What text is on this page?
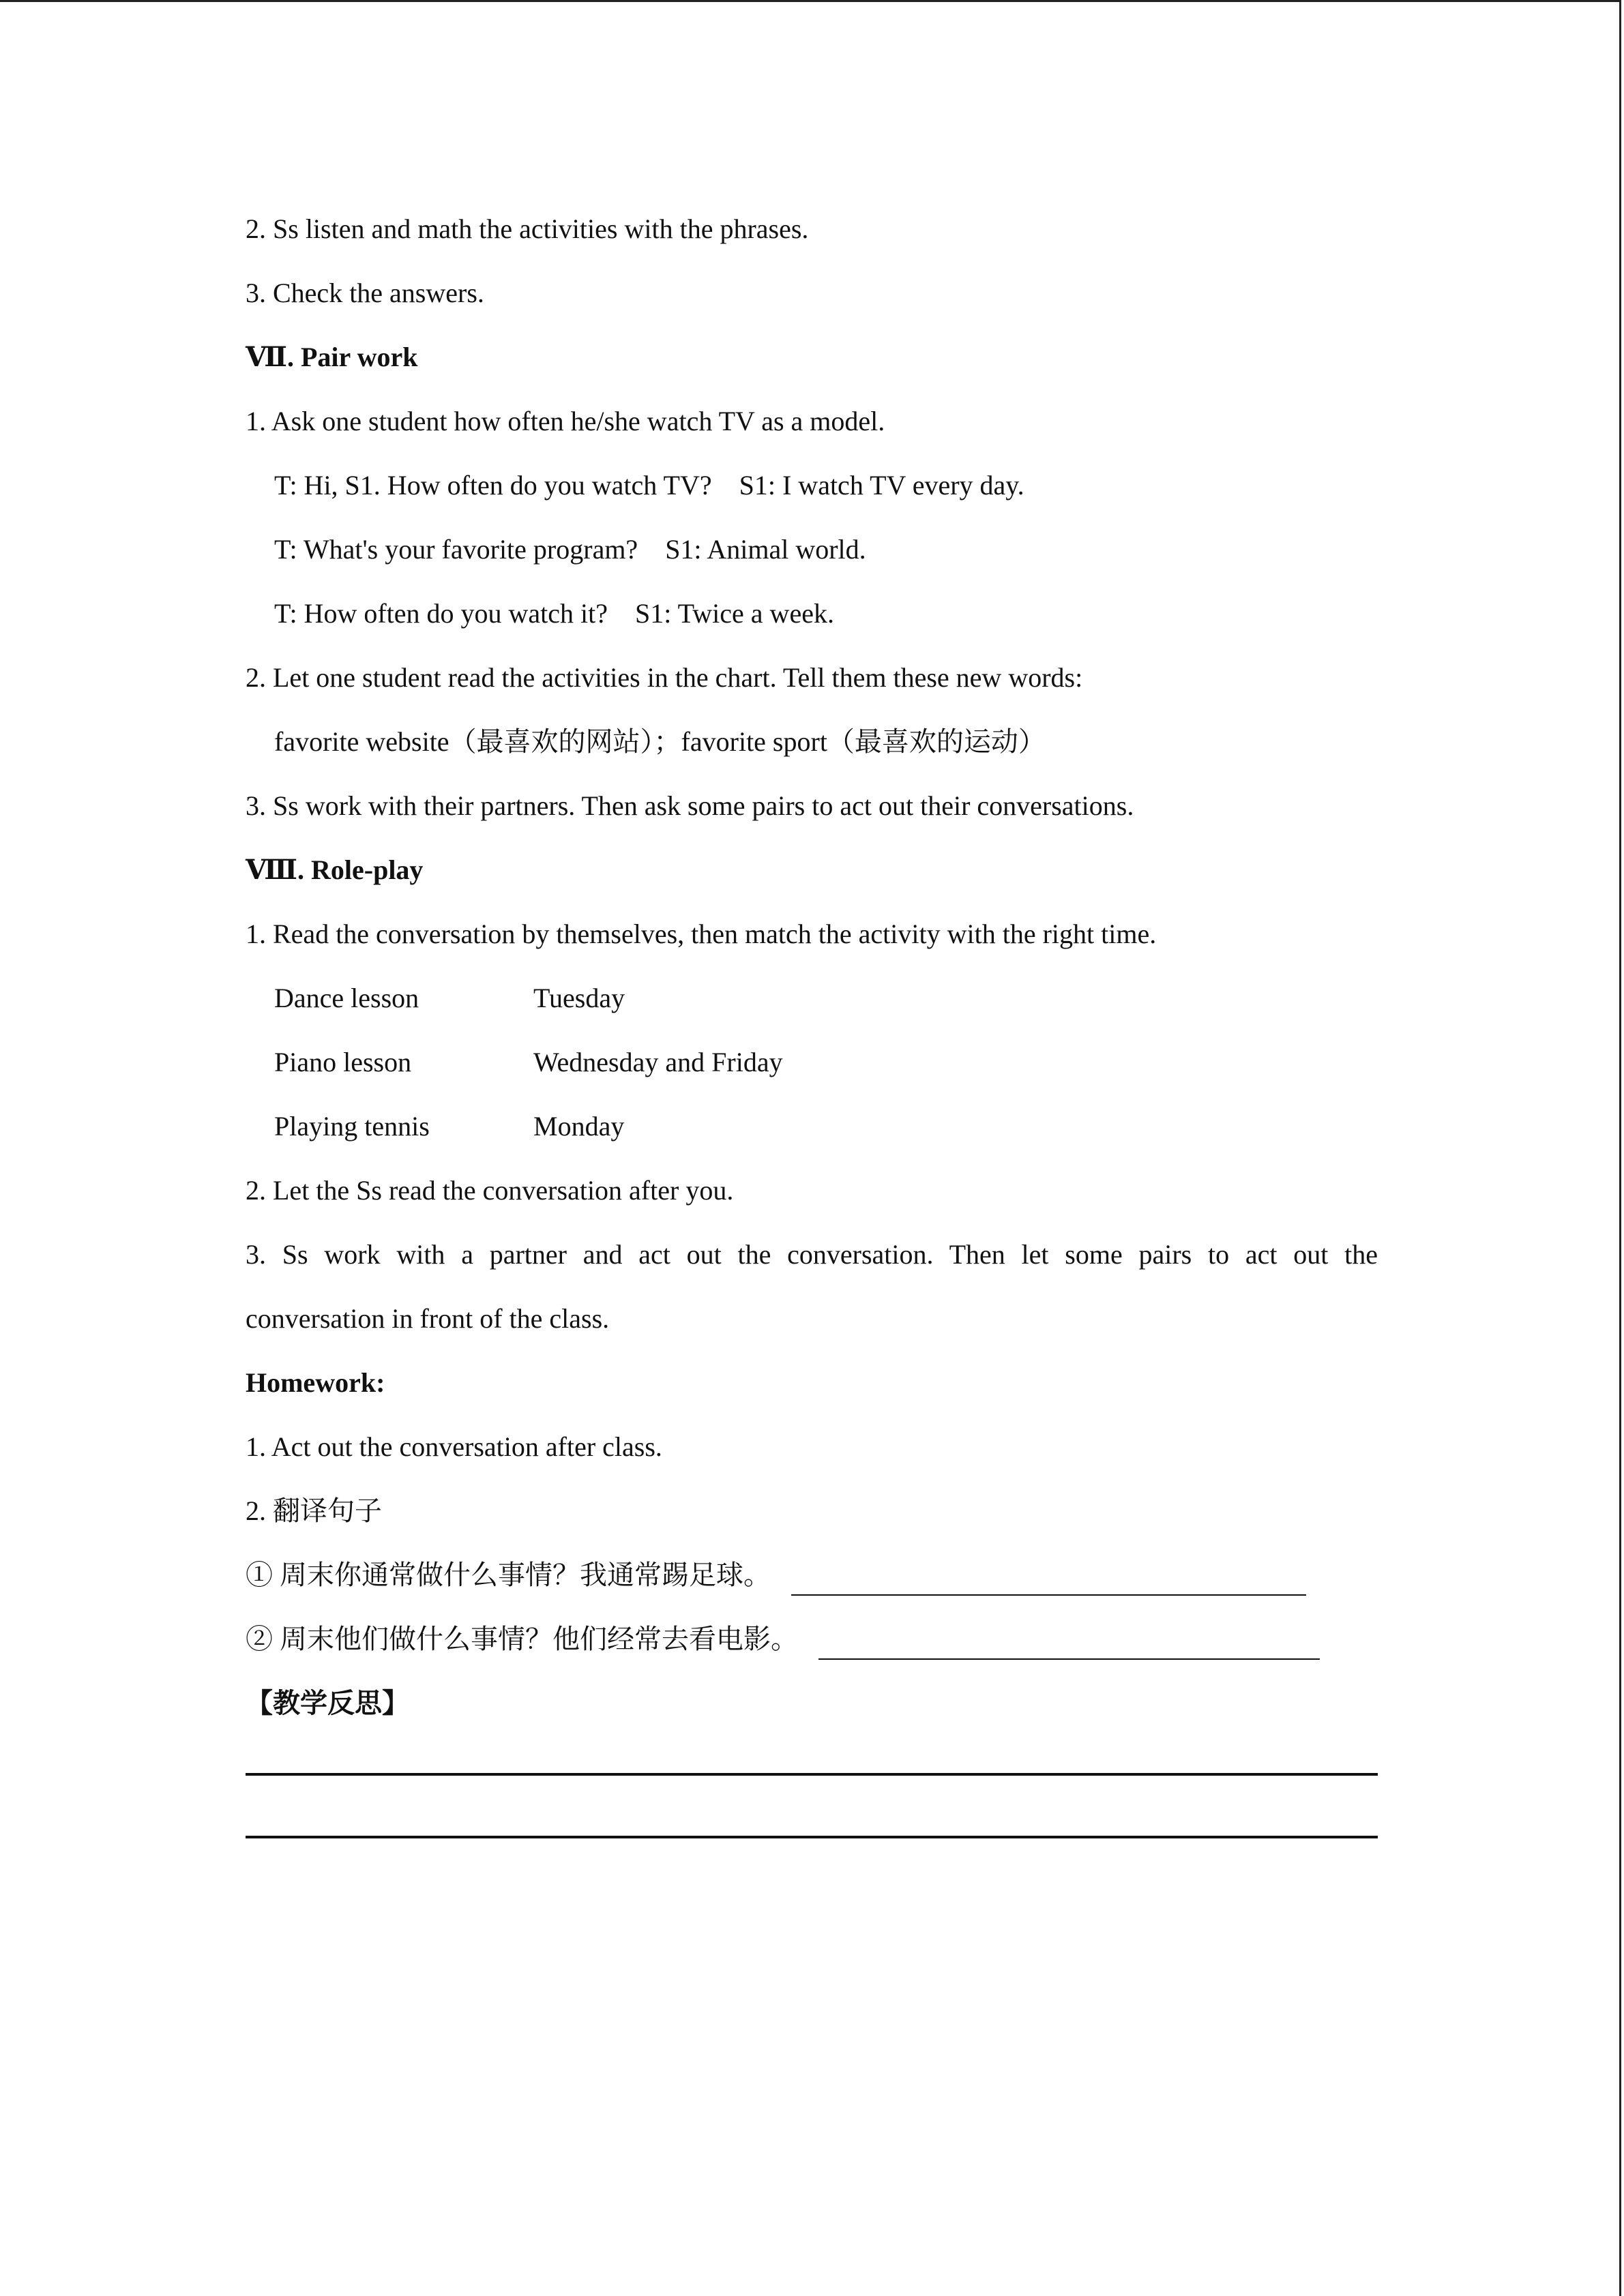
2. Ss listen and math the activities with the phrases.
3. Check the answers.
Ⅶ. Pair work
1. Ask one student how often he/she watch TV as a model.
T: Hi, S1. How often do you watch TV? S1: I watch TV every day.
T: What⁠'s your favorite program? S1: Animal world.
T: How often do you watch it? S1: Twice a week.
2. Let one student read the activities in the chart. Tell them these new words:
favorite website（最喜欢的网站）；favorite sport（最喜欢的运动）
3. Ss work with their partners. Then ask some pairs to act out their conversations.
Ⅷ. Role-play
1. Read the conversation by themselves, then match the activity with the right time.
Dance lesson	Tuesday
Piano lesson	Wednesday and Friday
Playing tennis	Monday
2. Let the Ss read the conversation after you.
3. Ss work with a partner and act out the conversation. Then let some pairs to act out the
conversation in front of the class.
Homework:
1. Act out the conversation after class.
2. 翻译句子
① 周末你通常做什么事情？我通常踢足球。
② 周末他们做什么事情？他们经常去看电影。
【教学反思】
